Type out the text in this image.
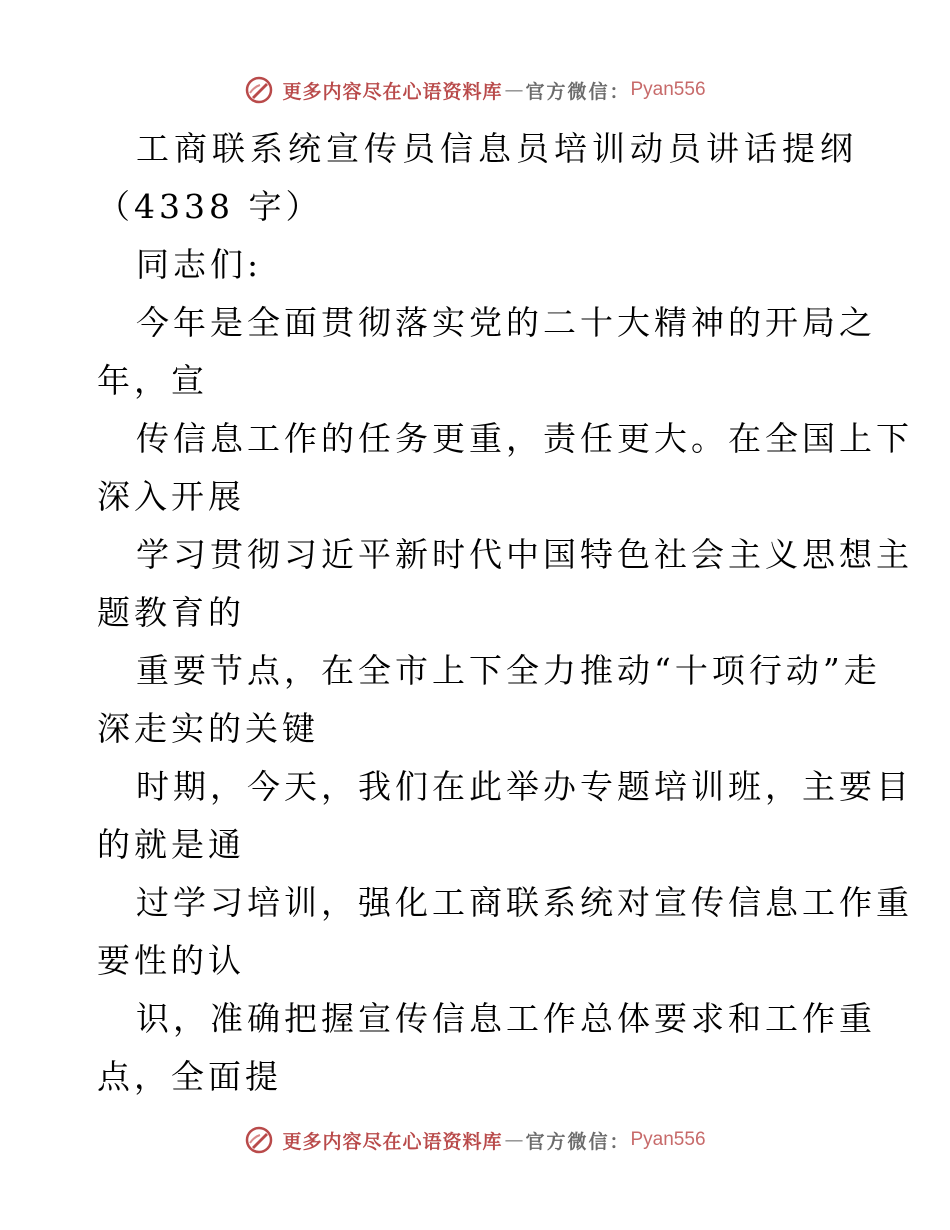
更多内容尽在心语资料库 — 官方微信： Pyan556
工商联系统宣传员信息员培训动员讲话提纲
（4338 字）
同志们:
今年是全面贯彻落实党的二十大精神的开局之
年，宣
传信息工作的任务更重，责任更大。在全国上下
深入开展
学习贯彻习近平新时代中国特色社会主义思想主
题教育的
重要节点，在全市上下全力推动“十项行动”走
深走实的关键
时期，今天，我们在此举办专题培训班，主要目
的就是通
过学习培训，强化工商联系统对宣传信息工作重
要性的认
识，准确把握宣传信息工作总体要求和工作重
点，全面提
更多内容尽在心语资料库 — 官方微信： Pyan556
